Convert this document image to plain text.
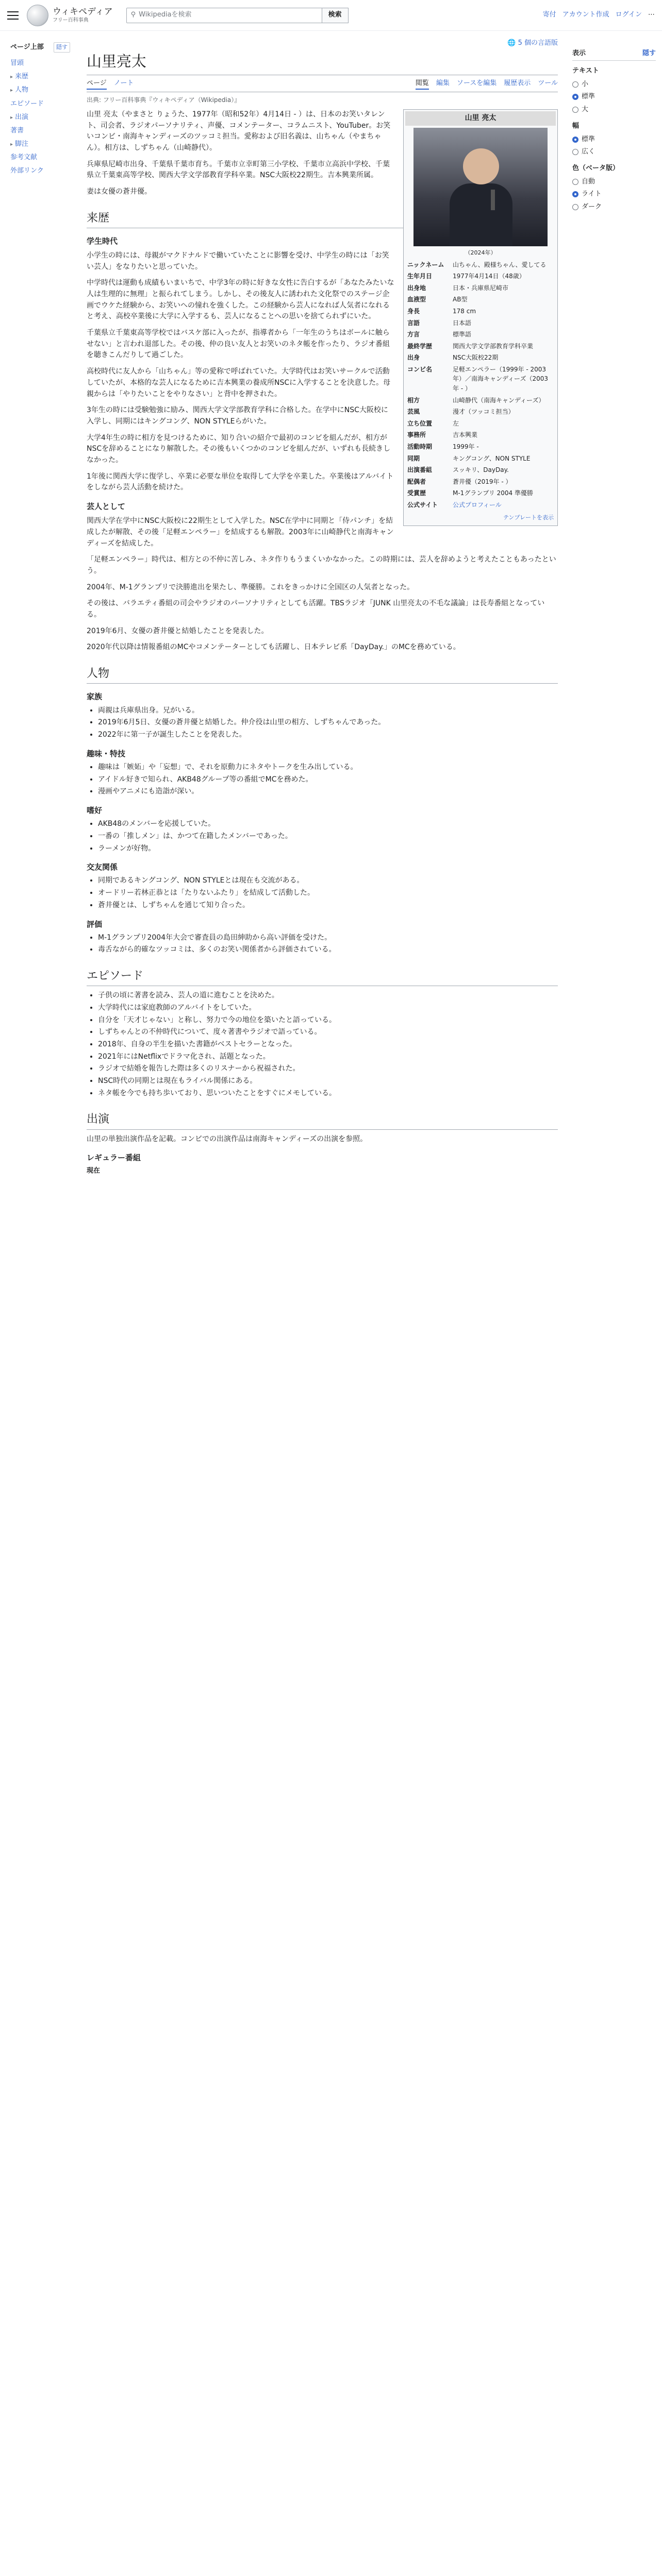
ウィキペディア
フリー百科事典
⚲ Wikipediaを検索	検索	寄付 アカウント作成 ログイン ⋯
ページ上部	隠す
冒頭
▸ 来歴
▸ 人物
エピソード
▸ 出演
著書
▸ 脚注
参考文献
外部リンク
🌐 5 個の言語版
山里亮太
ページ ノート	閲覧 編集 ソースを編集 履歴表示 ツール
出典: フリー百科事典『ウィキペディア（Wikipedia）』
山里 亮太
（2024年）
ニックネーム	山ちゃん、殿様ちゃん、愛してる
生年月日	1977年4月14日（48歳）
出身地	日本・兵庫県尼崎市
血液型	AB型
身長	178 cm
言語	日本語
方言	標準語
最終学歴	関西大学文学部教育学科卒業
出身	NSC大阪校22期
コンビ名	足軽エンペラー（1999年 - 2003年）／南海キャンディーズ（2003年 - ）
相方	山崎静代（南海キャンディーズ）
芸風	漫才（ツッコミ担当）
立ち位置	左
事務所	吉本興業
活動時期	1999年 -
同期	キングコング、NON STYLE
出演番組	スッキリ、DayDay.
配偶者	蒼井優（2019年 - ）
受賞歴	M-1グランプリ 2004 準優勝
公式サイト	公式プロフィール
テンプレートを表示

山里 亮太（やまさと りょうた、1977年（昭和52年）4月14日 - ）は、日本のお笑いタレント、司会者、ラジオパーソナリティ、声優、コメンテーター、コラムニスト、YouTuber。お笑いコンビ・南海キャンディーズのツッコミ担当。愛称および旧名義は、山ちゃん（やまちゃん）。相方は、しずちゃん（山崎静代）。

兵庫県尼崎市出身、千葉県千葉市育ち。千葉市立幸町第三小学校、千葉市立高浜中学校、千葉県立千葉東高等学校、関西大学文学部教育学科卒業。NSC大阪校22期生。吉本興業所属。

妻は女優の蒼井優。

来歴
学生時代

小学生の時には、母親がマクドナルドで働いていたことに影響を受け、中学生の時には「お笑い芸人」をなりたいと思っていた。

中学時代は運動も成績もいまいちで、中学3年の時に好きな女性に告白するが「あなたみたいな人は生理的に無理」と振られてしまう。しかし、その後友人に誘われた文化祭でのステージ企画でウケた経験から、お笑いへの憧れを強くした。この経験から芸人になれば人気者になれると考え、高校卒業後に大学に入学するも、芸人になることへの思いを捨てられずにいた。

千葉県立千葉東高等学校ではバスケ部に入ったが、指導者から「一年生のうちはボールに触らせない」と言われ退部した。その後、仲の良い友人とお笑いのネタ帳を作ったり、ラジオ番組を聴きこんだりして過ごした。

高校時代に友人から「山ちゃん」等の愛称で呼ばれていた。大学時代はお笑いサークルで活動していたが、本格的な芸人になるために吉本興業の養成所NSCに入学することを決意した。母親からは「やりたいことをやりなさい」と背中を押された。

3年生の時には受験勉強に励み、関西大学文学部教育学科に合格した。在学中にNSC大阪校に入学し、同期にはキングコング、NON STYLEらがいた。

大学4年生の時に相方を見つけるために、知り合いの紹介で最初のコンビを組んだが、相方がNSCを辞めることになり解散した。その後もいくつかのコンビを組んだが、いずれも長続きしなかった。

1年後に関西大学に復学し、卒業に必要な単位を取得して大学を卒業した。卒業後はアルバイトをしながら芸人活動を続けた。

芸人として

関西大学在学中にNSC大阪校に22期生として入学した。NSC在学中に同期と「侍パンチ」を結成したが解散、その後「足軽エンペラー」を結成するも解散。2003年に山崎静代と南海キャンディーズを結成した。

「足軽エンペラー」時代は、相方との不仲に苦しみ、ネタ作りもうまくいかなかった。この時期には、芸人を辞めようと考えたこともあったという。

2004年、M-1グランプリで決勝進出を果たし、準優勝。これをきっかけに全国区の人気者となった。

その後は、バラエティ番組の司会やラジオのパーソナリティとしても活躍。TBSラジオ「JUNK 山里亮太の不毛な議論」は長寿番組となっている。

2019年6月、女優の蒼井優と結婚したことを発表した。

2020年代以降は情報番組のMCやコメンテーターとしても活躍し、日本テレビ系「DayDay.」のMCを務めている。

人物
家族
• 両親は兵庫県出身。兄がいる。
• 2019年6月5日、女優の蒼井優と結婚した。仲介役は山里の相方、しずちゃんであった。
• 2022年に第一子が誕生したことを発表した。
趣味・特技
• 趣味は「嫉妬」や「妄想」で、それを原動力にネタやトークを生み出している。
• アイドル好きで知られ、AKB48グループ等の番組でMCを務めた。
• 漫画やアニメにも造詣が深い。
嗜好
• AKB48のメンバーを応援していた。
• 一番の「推しメン」は、かつて在籍したメンバーであった。
• ラーメンが好物。
交友関係
• 同期であるキングコング、NON STYLEとは現在も交流がある。
• オードリー若林正恭とは「たりないふたり」を結成して活動した。
• 蒼井優とは、しずちゃんを通じて知り合った。
評価
• M-1グランプリ2004年大会で審査員の島田紳助から高い評価を受けた。
• 毒舌ながら的確なツッコミは、多くのお笑い関係者から評価されている。
エピソード
• 子供の頃に著書を読み、芸人の道に進むことを決めた。
• 大学時代には家庭教師のアルバイトをしていた。
• 自分を「天才じゃない」と称し、努力で今の地位を築いたと語っている。
• しずちゃんとの不仲時代について、度々著書やラジオで語っている。
• 2018年、自身の半生を描いた書籍がベストセラーとなった。
• 2021年にはNetflixでドラマ化され、話題となった。
• ラジオで結婚を報告した際は多くのリスナーから祝福された。
• NSC時代の同期とは現在もライバル関係にある。
• ネタ帳を今でも持ち歩いており、思いついたことをすぐにメモしている。
出演

山里の単独出演作品を記載。コンビでの出演作品は南海キャンディーズの出演を参照。

レギュラー番組
現在
表示	隠す
テキスト
小
標準
大
幅
標準
広く
色（ベータ版）
自動
ライト
ダーク
